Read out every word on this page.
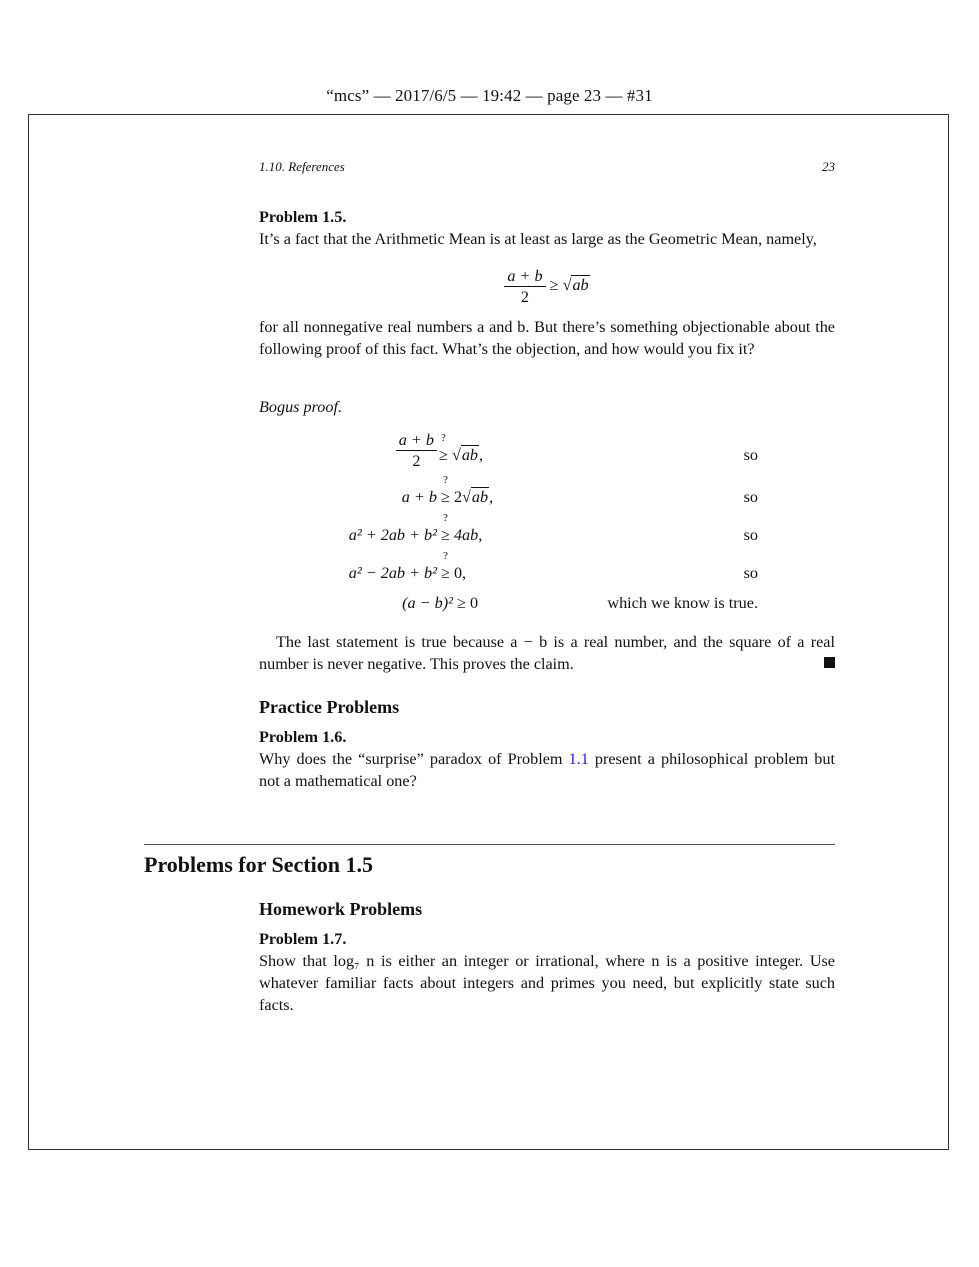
“mcs” — 2017/6/5 — 19:42 — page 23 — #31
1.10. References	23
Problem 1.5.
It’s a fact that the Arithmetic Mean is at least as large as the Geometric Mean, namely,
$\frac{a + b}{2} \ge √ab$
for all nonnegative real numbers a and b. But there’s something objectionable about the following proof of this fact. What’s the objection, and how would you fix it?
Bogus proof.
$\frac{a + b}{2}$ ?
≥ √ab,	so
a + b
?
≥ 2√ab,	so
a² + 2ab + b²
?
≥ 4ab,	so
a² − 2ab + b²
?
≥ 0,	so
(a − b)² ≥ 0	which we know is true.
The last statement is true because a − b is a real number, and the square of a real number is never negative. This proves the claim.
Practice Problems
Problem 1.6.
Why does the “surprise” paradox of Problem 1.1 present a philosophical problem but not a mathematical one?
Problems for Section 1.5
Homework Problems
Problem 1.7.
Show that log₇ n is either an integer or irrational, where n is a positive integer. Use whatever familiar facts about integers and primes you need, but explicitly state such facts.
